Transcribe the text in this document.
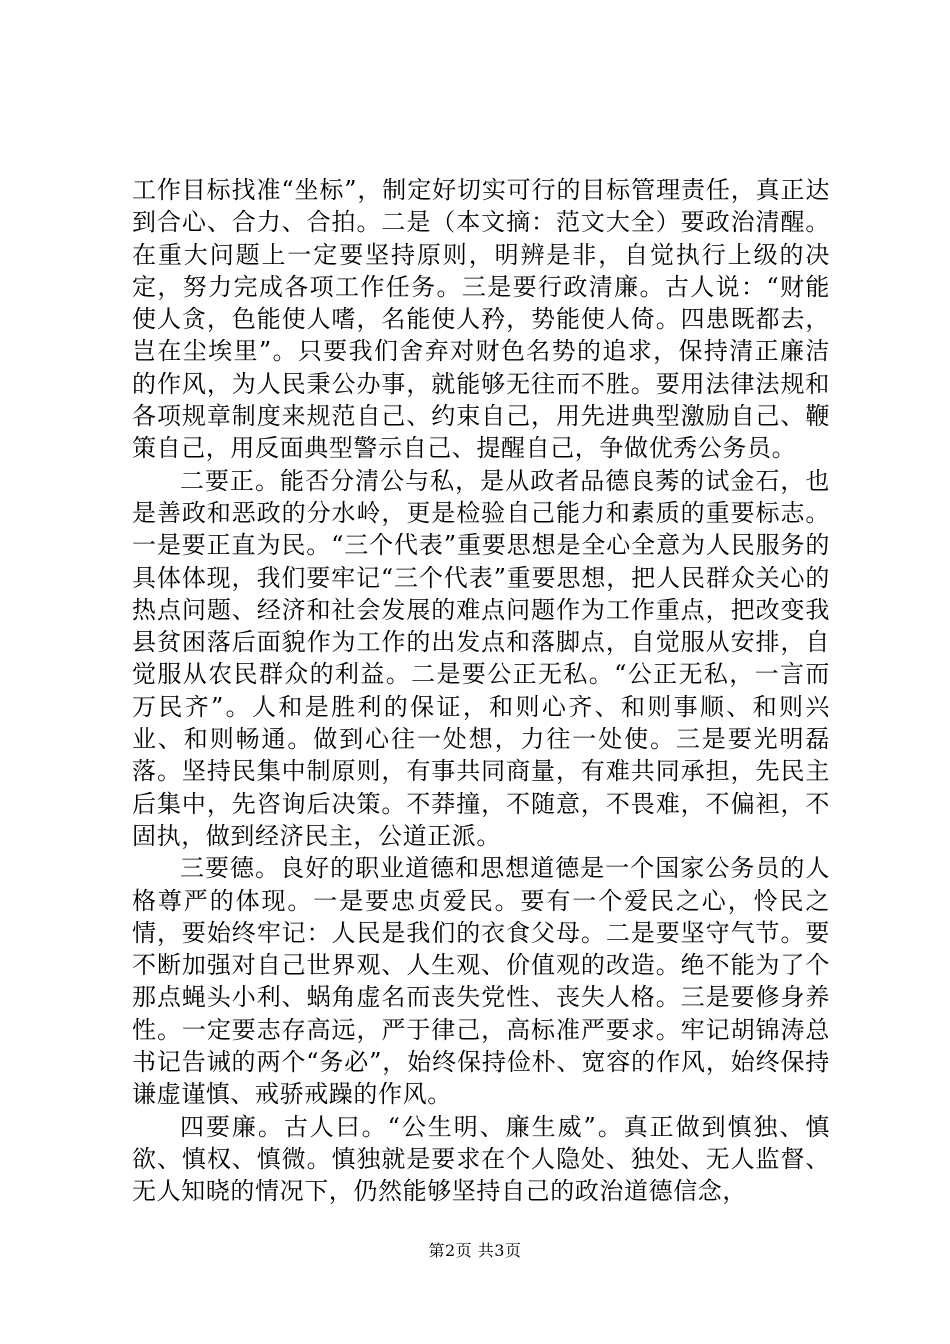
工作目标找准“坐标”，制定好切实可行的目标管理责任，真正达到合心、合力、合拍。二是（本文摘：范文大全）要政治清醒。在重大问题上一定要坚持原则，明辨是非，自觉执行上级的决定，努力完成各项工作任务。三是要行政清廉。古人说：“财能使人贪，色能使人嗜，名能使人矜，势能使人倚。四患既都去，岂在尘埃里”。只要我们舍弃对财色名势的追求，保持清正廉洁的作风，为人民秉公办事，就能够无往而不胜。要用法律法规和各项规章制度来规范自己、约束自己，用先进典型激励自己、鞭策自己，用反面典型警示自己、提醒自己，争做优秀公务员。

二要正。能否分清公与私，是从政者品德良莠的试金石，也是善政和恶政的分水岭，更是检验自己能力和素质的重要标志。一是要正直为民。“三个代表”重要思想是全心全意为人民服务的具体体现，我们要牢记“三个代表”重要思想，把人民群众关心的热点问题、经济和社会发展的难点问题作为工作重点，把改变我县贫困落后面貌作为工作的出发点和落脚点，自觉服从安排，自觉服从农民群众的利益。二是要公正无私。“公正无私，一言而万民齐”。人和是胜利的保证，和则心齐、和则事顺、和则兴业、和则畅通。做到心往一处想，力往一处使。三是要光明磊落。坚持民集中制原则，有事共同商量，有难共同承担，先民主后集中，先咨询后决策。不莽撞，不随意，不畏难，不偏袒，不固执，做到经济民主，公道正派。

三要德。良好的职业道德和思想道德是一个国家公务员的人格尊严的体现。一是要忠贞爱民。要有一个爱民之心，怜民之情，要始终牢记：人民是我们的衣食父母。二是要坚守气节。要不断加强对自己世界观、人生观、价值观的改造。绝不能为了个那点蝇头小利、蜗角虚名而丧失党性、丧失人格。三是要修身养性。一定要志存高远，严于律己，高标准严要求。牢记胡锦涛总书记告诫的两个“务必”，始终保持俭朴、宽容的作风，始终保持谦虚谨慎、戒骄戒躁的作风。

四要廉。古人曰。“公生明、廉生威”。真正做到慎独、慎欲、慎权、慎微。慎独就是要求在个人隐处、独处、无人监督、无人知晓的情况下，仍然能够坚持自己的政治道德信念，

第2页 共3页
